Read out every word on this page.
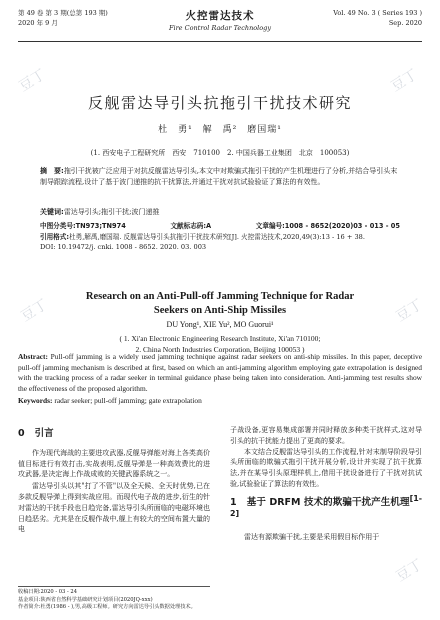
第 49 卷 第 3 期(总第 193 期)
2020 年 9 月
火控雷达技术
Fire Control Radar Technology
Vol. 49 No. 3 ( Series 193 )
Sep. 2020
反舰雷达导引头抗拖引干扰技术研究
杜　勇¹　解　禹²　磨国瑞¹
(1. 西安电子工程研究所　西安　710100　2. 中国兵器工业集团　北京　100053)
摘　要:拖引干扰被广泛应用于对抗反舰雷达导引头,本文中对欺骗式拖引干扰的产生机理进行了分析,并结合导引头末制导跟踪流程,设计了基于波门递推的抗干扰算法,并通过干扰对抗试验验证了算法的有效性。
关键词:雷达导引头;拖引干扰;波门递推
中图分类号:TN973;TN974	文献标志码:A	文章编号:1008 - 8652(2020)03 - 013 - 05
引用格式:杜勇,解禹,磨国瑞. 反舰雷达导引头抗拖引干扰技术研究[J]. 火控雷达技术,2020,49(3):13 - 16 + 38.
DOI: 10.19472/j. cnki. 1008 - 8652. 2020. 03. 003
Research on an Anti-Pull-off Jamming Technique for Radar
Seekers on Anti-Ship Missiles
DU Yong¹, XIE Yu², MO Guorui¹
( 1. Xi'an Electronic Engineering Research Institute, Xi'an 710100;
2. China North Industries Corporation, Beijing 100053 )
Abstract: Pull-off jamming is a widely used jamming technique against radar seekers on anti-ship missiles. In this paper, deceptive pull-off jamming mechanism is described at first, based on which an anti-jamming algorithm employing gate extrapolation is designed with the tracking process of a radar seeker in terminal guidance phase being taken into consideration. Anti-jamming test results show the effectiveness of the proposed algorithm.
Keywords: radar seeker; pull-off jamming; gate extrapolation
0 引言

作为现代海战的主要进攻武器,反舰导弹能对海上各类高价值目标进行有效打击,实战表明,反舰导弹是一种高效费比的进攻武器,是决定海上作战成败的关键武器系统之一。

雷达导引头以其"打了不管"以及全天候、全天时优势,已在多款反舰导弹上得到实战应用。而现代电子战的进步,衍生的针对雷达的干扰手段也日趋完备,雷达导引头所面临的电磁环境也日趋恶劣。尤其是在反舰作战中,舰上有较大的空间布置大量的电

子战设备,更容易集成部署并同时释放多种类干扰样式,这对导引头的抗干扰能力提出了更高的要求。

本文结合反舰雷达导引头的工作流程,针对末制导阶段导引头所面临的欺骗式拖引干扰开展分析,设计并实现了抗干扰算法,并在某导引头原理样机上,借用干扰设备进行了干扰对抗试验,试验验证了算法的有效性。

1 基于 DRFM 技术的欺骗干扰产生机理[1-2]

雷达有源欺骗干扰,主要是采用假目标作用于

收稿日期:2020 - 03 - 24
基金项目:陕西省自然科学基础研究计划项目(2020JQ-xxx)
作者简介:杜勇(1986 - ),男,高级工程师。研究方向雷达导引头数据处理技术。
豆丁	豆丁
豆丁	豆丁
豆丁
